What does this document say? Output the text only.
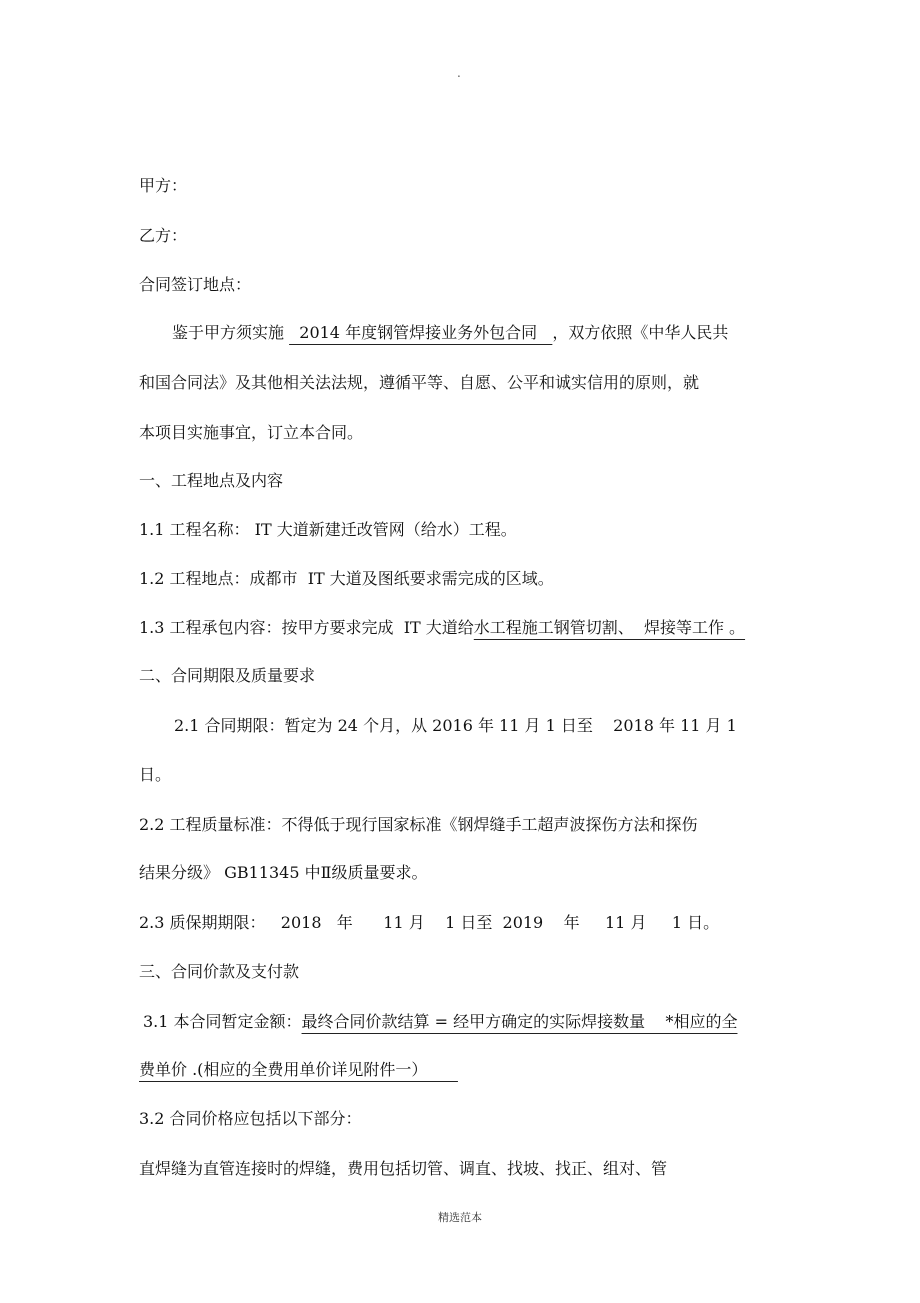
.
甲方：
乙方：
合同签订地点：
鉴于甲方须实施   2014 年度钢管焊接业务外包合同   ，双方依照《中华人民共
和国合同法》及其他相关法法规，遵循平等、自愿、公平和诚实信用的原则，就
本项目实施事宜，订立本合同。
一、工程地点及内容
1.1 工程名称： IT 大道新建迁改管网（给水）工程。
1.2 工程地点：成都市  IT 大道及图纸要求需完成的区域。
1.3 工程承包内容：按甲方要求完成  IT 大道给水工程施工钢管切割、  焊接等工作 。
二、合同期限及质量要求
2.1 合同期限：暂定为 24 个月，从 2016 年 11 月 1 日至    2018 年 11 月 1
日。
2.2 工程质量标准：不得低于现行国家标准《钢焊缝手工超声波探伤方法和探伤
结果分级》 GB11345 中Ⅱ级质量要求。
2.3 质保期期限：   2018   年      11 月    1 日至  2019    年     11 月     1 日。
三、合同价款及支付款
3.1 本合同暂定金额：最终合同价款结算 = 经甲方确定的实际焊接数量    *相应的全
费单价 .(相应的全费用单价详见附件一）
3.2 合同价格应包括以下部分：
直焊缝为直管连接时的焊缝，费用包括切管、调直、找坡、找正、组对、管
精选范本
